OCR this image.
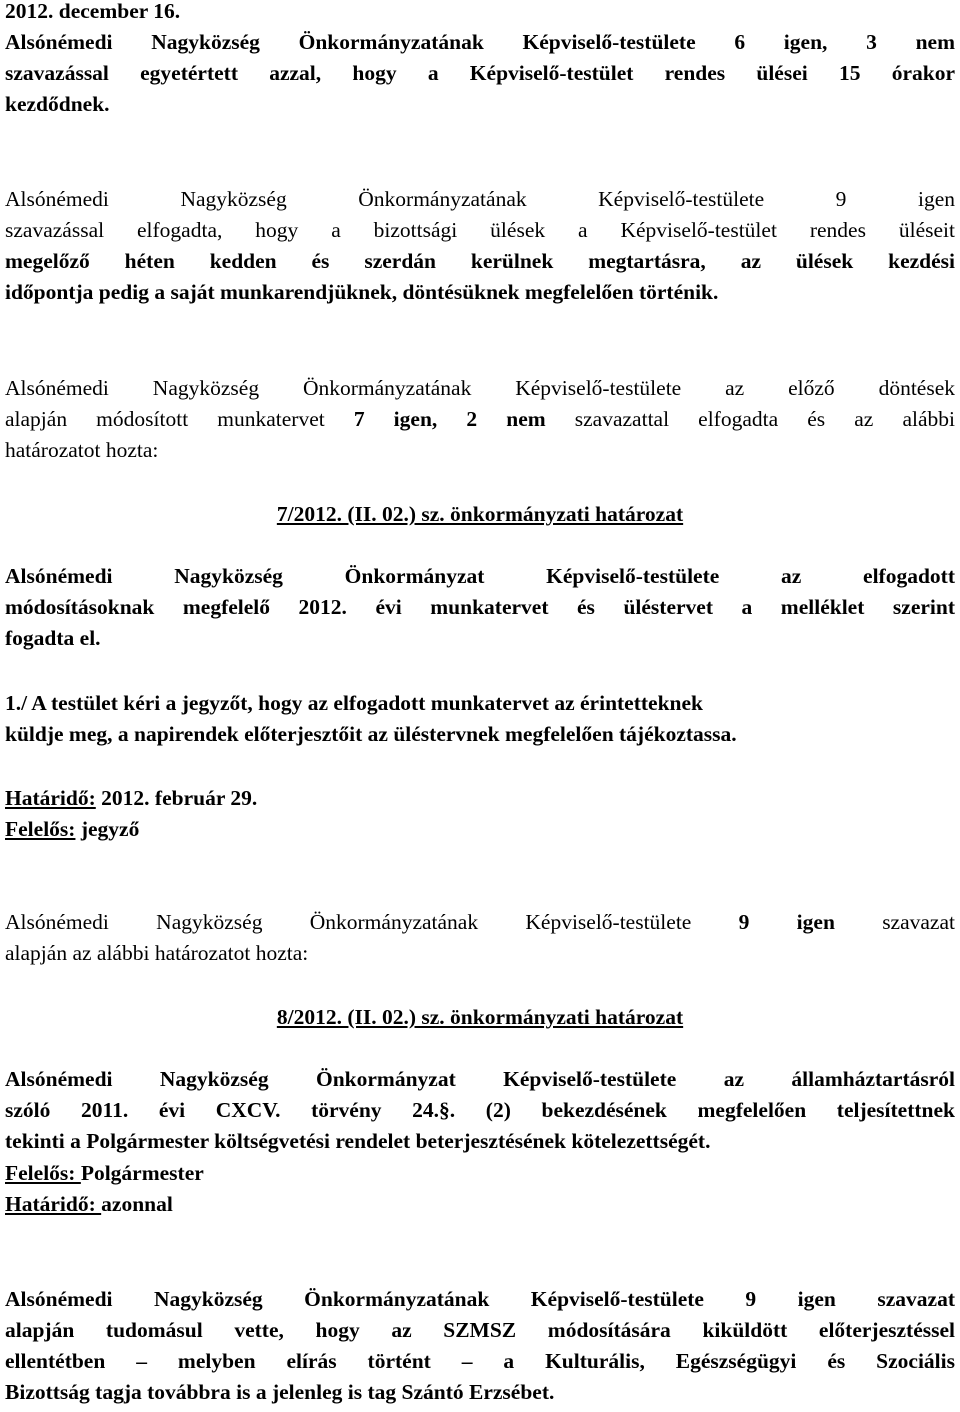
2012. december 16.
Alsónémedi Nagyközség Önkormányzatának Képviselő-testülete 6 igen, 3 nem
szavazással egyetértett azzal, hogy a Képviselő-testület rendes ülései 15 órakor
kezdődnek.
Alsónémedi Nagyközség Önkormányzatának Képviselő-testülete 9 igen
szavazással elfogadta, hogy a bizottsági ülések a Képviselő-testület rendes üléseit
megelőző héten kedden és szerdán kerülnek megtartásra, az ülések kezdési
időpontja pedig a saját munkarendjüknek, döntésüknek megfelelően történik.
Alsónémedi Nagyközség Önkormányzatának Képviselő-testülete az előző döntések
alapján módosított munkatervet 7 igen, 2 nem szavazattal elfogadta és az alábbi
határozatot hozta:
7/2012. (II. 02.) sz. önkormányzati határozat
Alsónémedi Nagyközség Önkormányzat Képviselő-testülete az elfogadott
módosításoknak megfelelő 2012. évi munkatervet és üléstervet a melléklet szerint
fogadta el.
1./ A testület kéri a jegyzőt, hogy az elfogadott munkatervet az érintetteknek
küldje meg, a napirendek előterjesztőit az üléstervnek megfelelően tájékoztassa.
Határidő: 2012. február 29.
Felelős: jegyző
Alsónémedi Nagyközség Önkormányzatának Képviselő-testülete 9 igen szavazat
alapján az alábbi határozatot hozta:
8/2012. (II. 02.) sz. önkormányzati határozat
Alsónémedi Nagyközség Önkormányzat Képviselő-testülete az államháztartásról
szóló 2011. évi CXCV. törvény 24.§. (2) bekezdésének megfelelően teljesítettnek
tekinti a Polgármester költségvetési rendelet beterjesztésének kötelezettségét.
Felelős: Polgármester
Határidő: azonnal
Alsónémedi Nagyközség Önkormányzatának Képviselő-testülete 9 igen szavazat
alapján tudomásul vette, hogy az SZMSZ módosítására kiküldött előterjesztéssel
ellentétben – melyben elírás történt – a Kulturális, Egészségügyi és Szociális
Bizottság tagja továbbra is a jelenleg is tag Szántó Erzsébet.
